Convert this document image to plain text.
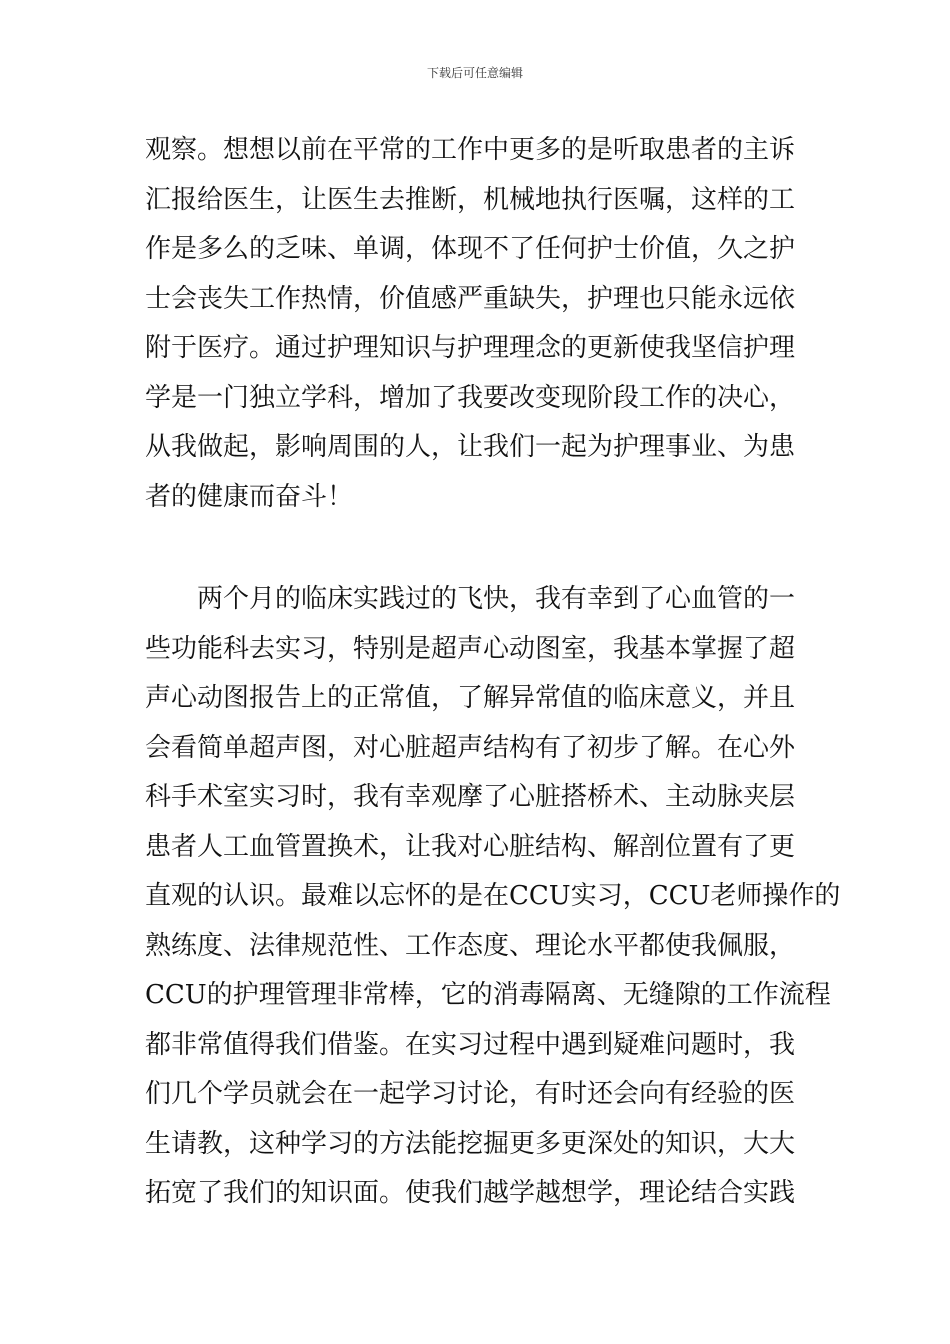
下载后可任意编辑
观察。想想以前在平常的工作中更多的是听取患者的主诉
汇报给医生，让医生去推断，机械地执行医嘱，这样的工
作是多么的乏味、单调，体现不了任何护士价值，久之护
士会丧失工作热情，价值感严重缺失，护理也只能永远依
附于医疗。通过护理知识与护理理念的更新使我坚信护理
学是一门独立学科，增加了我要改变现阶段工作的决心，
从我做起，影响周围的人，让我们一起为护理事业、为患
者的健康而奋斗！
两个月的临床实践过的飞快，我有幸到了心血管的一
些功能科去实习，特别是超声心动图室，我基本掌握了超
声心动图报告上的正常值，了解异常值的临床意义，并且
会看简单超声图，对心脏超声结构有了初步了解。在心外
科手术室实习时，我有幸观摩了心脏搭桥术、主动脉夹层
患者人工血管置换术，让我对心脏结构、解剖位置有了更
直观的认识。最难以忘怀的是在CCU实习，CCU老师操作的
熟练度、法律规范性、工作态度、理论水平都使我佩服，
CCU的护理管理非常棒，它的消毒隔离、无缝隙的工作流程
都非常值得我们借鉴。在实习过程中遇到疑难问题时，我
们几个学员就会在一起学习讨论，有时还会向有经验的医
生请教，这种学习的方法能挖掘更多更深处的知识，大大
拓宽了我们的知识面。使我们越学越想学，理论结合实践
